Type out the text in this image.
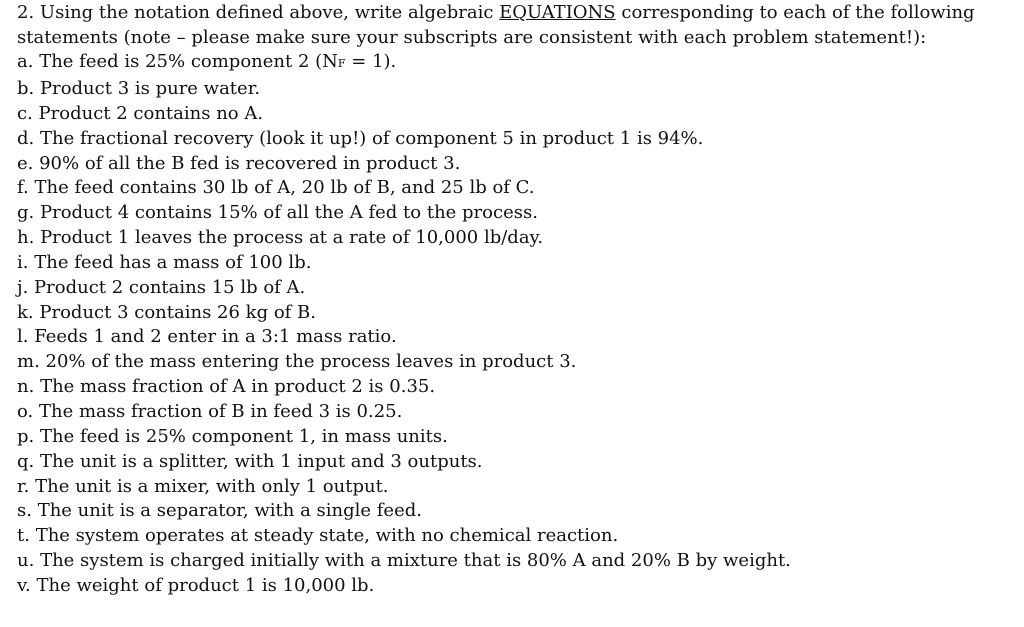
2. Using the notation defined above, write algebraic EQUATIONS corresponding to each of the following statements (note – please make sure your subscripts are consistent with each problem statement!):

a. The feed is 25% component 2 (NF = 1).
b. Product 3 is pure water.
c. Product 2 contains no A.
d. The fractional recovery (look it up!) of component 5 in product 1 is 94%.
e. 90% of all the B fed is recovered in product 3.
f. The feed contains 30 lb of A, 20 lb of B, and 25 lb of C.
g. Product 4 contains 15% of all the A fed to the process.
h. Product 1 leaves the process at a rate of 10,000 lb/day.
i. The feed has a mass of 100 lb.
j. Product 2 contains 15 lb of A.
k. Product 3 contains 26 kg of B.
l. Feeds 1 and 2 enter in a 3:1 mass ratio.
m. 20% of the mass entering the process leaves in product 3.
n. The mass fraction of A in product 2 is 0.35.
o. The mass fraction of B in feed 3 is 0.25.
p. The feed is 25% component 1, in mass units.
q. The unit is a splitter, with 1 input and 3 outputs.
r. The unit is a mixer, with only 1 output.
s. The unit is a separator, with a single feed.
t. The system operates at steady state, with no chemical reaction.
u. The system is charged initially with a mixture that is 80% A and 20% B by weight.
v. The weight of product 1 is 10,000 lb.
